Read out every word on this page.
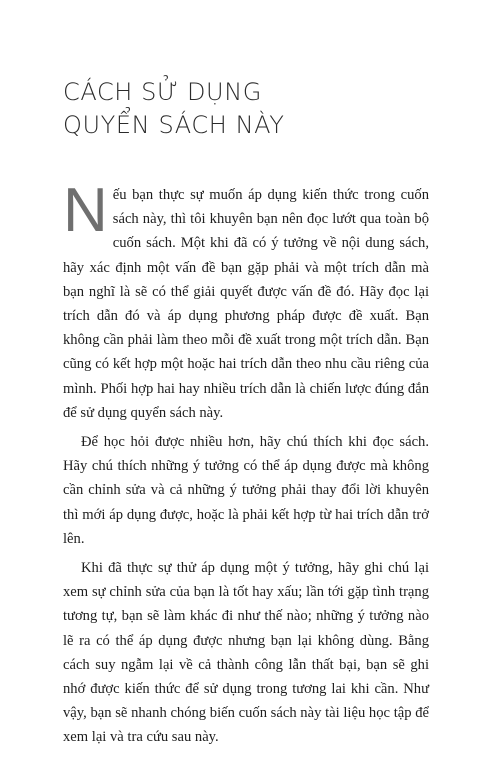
CÁCH SỬ DỤNG
QUYỂN SÁCH NÀY

Nếu bạn thực sự muốn áp dụng kiến thức trong cuốn sách này, thì tôi khuyên bạn nên đọc lướt qua toàn bộ cuốn sách. Một khi đã có ý tưởng về nội dung sách, hãy xác định một vấn đề bạn gặp phải và một trích dẫn mà bạn nghĩ là sẽ có thể giải quyết được vấn đề đó. Hãy đọc lại trích dẫn đó và áp dụng phương pháp được đề xuất. Bạn không cần phải làm theo mỗi đề xuất trong một trích dẫn. Bạn cũng có kết hợp một hoặc hai trích dẫn theo nhu cầu riêng của mình. Phối hợp hai hay nhiều trích dẫn là chiến lược đúng đắn để sử dụng quyển sách này.

Để học hỏi được nhiều hơn, hãy chú thích khi đọc sách. Hãy chú thích những ý tưởng có thể áp dụng được mà không cần chỉnh sửa và cả những ý tưởng phải thay đổi lời khuyên thì mới áp dụng được, hoặc là phải kết hợp từ hai trích dẫn trở lên.

Khi đã thực sự thử áp dụng một ý tưởng, hãy ghi chú lại xem sự chỉnh sửa của bạn là tốt hay xấu; lần tới gặp tình trạng tương tự, bạn sẽ làm khác đi như thế nào; những ý tưởng nào lẽ ra có thể áp dụng được nhưng bạn lại không dùng. Bằng cách suy ngẫm lại về cả thành công lẫn thất bại, bạn sẽ ghi nhớ được kiến thức để sử dụng trong tương lai khi cần. Như vậy, bạn sẽ nhanh chóng biến cuốn sách này tài liệu học tập để xem lại và tra cứu sau này.
